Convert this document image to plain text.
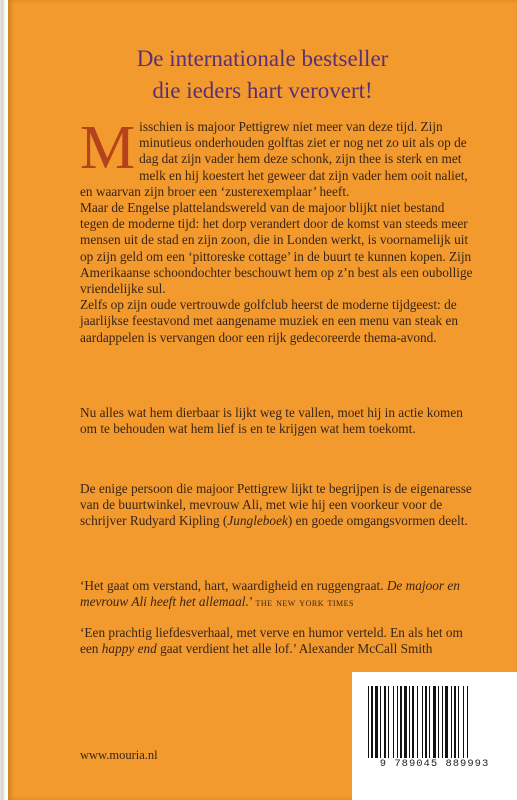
De internationale bestseller
die ieders hart verovert!

Misschien is majoor Pettigrew niet meer van deze tijd. Zijn minutieus onderhouden golftas ziet er nog net zo uit als op de dag dat zijn vader hem deze schonk, zijn thee is sterk en met melk en hij koestert het geweer dat zijn vader hem ooit naliet, en waarvan zijn broer een ‘zusterexemplaar’ heeft.

Maar de Engelse plattelandswereld van de majoor blijkt niet bestand tegen de moderne tijd: het dorp verandert door de komst van steeds meer mensen uit de stad en zijn zoon, die in Londen werkt, is voornamelijk uit op zijn geld om een ‘pittoreske cottage’ in de buurt te kunnen kopen. Zijn Amerikaanse schoondochter beschouwt hem op z’n best als een oubollige vriendelijke sul.

Zelfs op zijn oude vertrouwde golfclub heerst de moderne tijdgeest: de jaarlijkse feestavond met aangename muziek en een menu van steak en aardappelen is vervangen door een rijk gedecoreerde thema-avond.

Nu alles wat hem dierbaar is lijkt weg te vallen, moet hij in actie komen om te behouden wat hem lief is en te krijgen wat hem toekomt.

De enige persoon die majoor Pettigrew lijkt te begrijpen is de eigenaresse van de buurtwinkel, mevrouw Ali, met wie hij een voorkeur voor de schrijver Rudyard Kipling (Jungleboek) en goede omgangsvormen deelt.

‘Het gaat om verstand, hart, waardigheid en ruggengraat. De majoor en mevrouw Ali heeft het allemaal.’ the new york times

‘Een prachtig liefdesverhaal, met verve en humor verteld. En als het om een happy end gaat verdient het alle lof.’ Alexander McCall Smith

www.mouria.nl
9 789045 889993
